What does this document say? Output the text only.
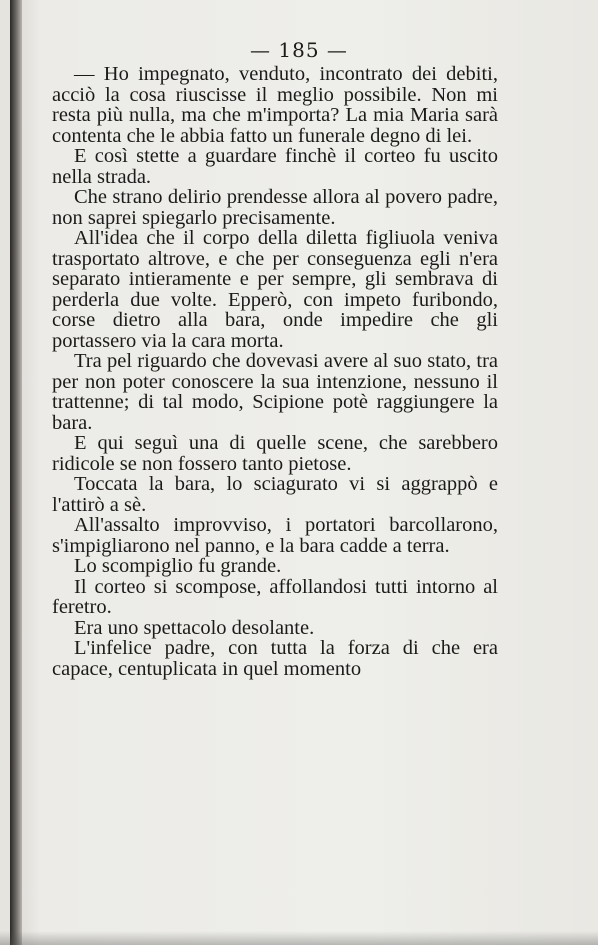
— 185 —

— Ho impegnato, venduto, incontrato dei debiti, acciò la cosa riuscisse il meglio possibile. Non mi resta più nulla, ma che m'importa? La mia Maria sarà contenta che le abbia fatto un funerale degno di lei.

E così stette a guardare finchè il corteo fu uscito nella strada.

Che strano delirio prendesse allora al povero padre, non saprei spiegarlo precisamente.

All'idea che il corpo della diletta figliuola veniva trasportato altrove, e che per conseguenza egli n'era separato intieramente e per sempre, gli sembrava di perderla due volte. Epperò, con impeto furibondo, corse dietro alla bara, onde impedire che gli portassero via la cara morta.

Tra pel riguardo che dovevasi avere al suo stato, tra per non poter conoscere la sua intenzione, nessuno il trattenne; di tal modo, Scipione potè raggiungere la bara.

E qui seguì una di quelle scene, che sarebbero ridicole se non fossero tanto pietose.

Toccata la bara, lo sciagurato vi si aggrappò e l'attirò a sè.

All'assalto improvviso, i portatori barcollarono, s'impigliarono nel panno, e la bara cadde a terra.

Lo scompiglio fu grande.

Il corteo si scompose, affollandosi tutti intorno al feretro.

Era uno spettacolo desolante.

L'infelice padre, con tutta la forza di che era capace, centuplicata in quel momento
